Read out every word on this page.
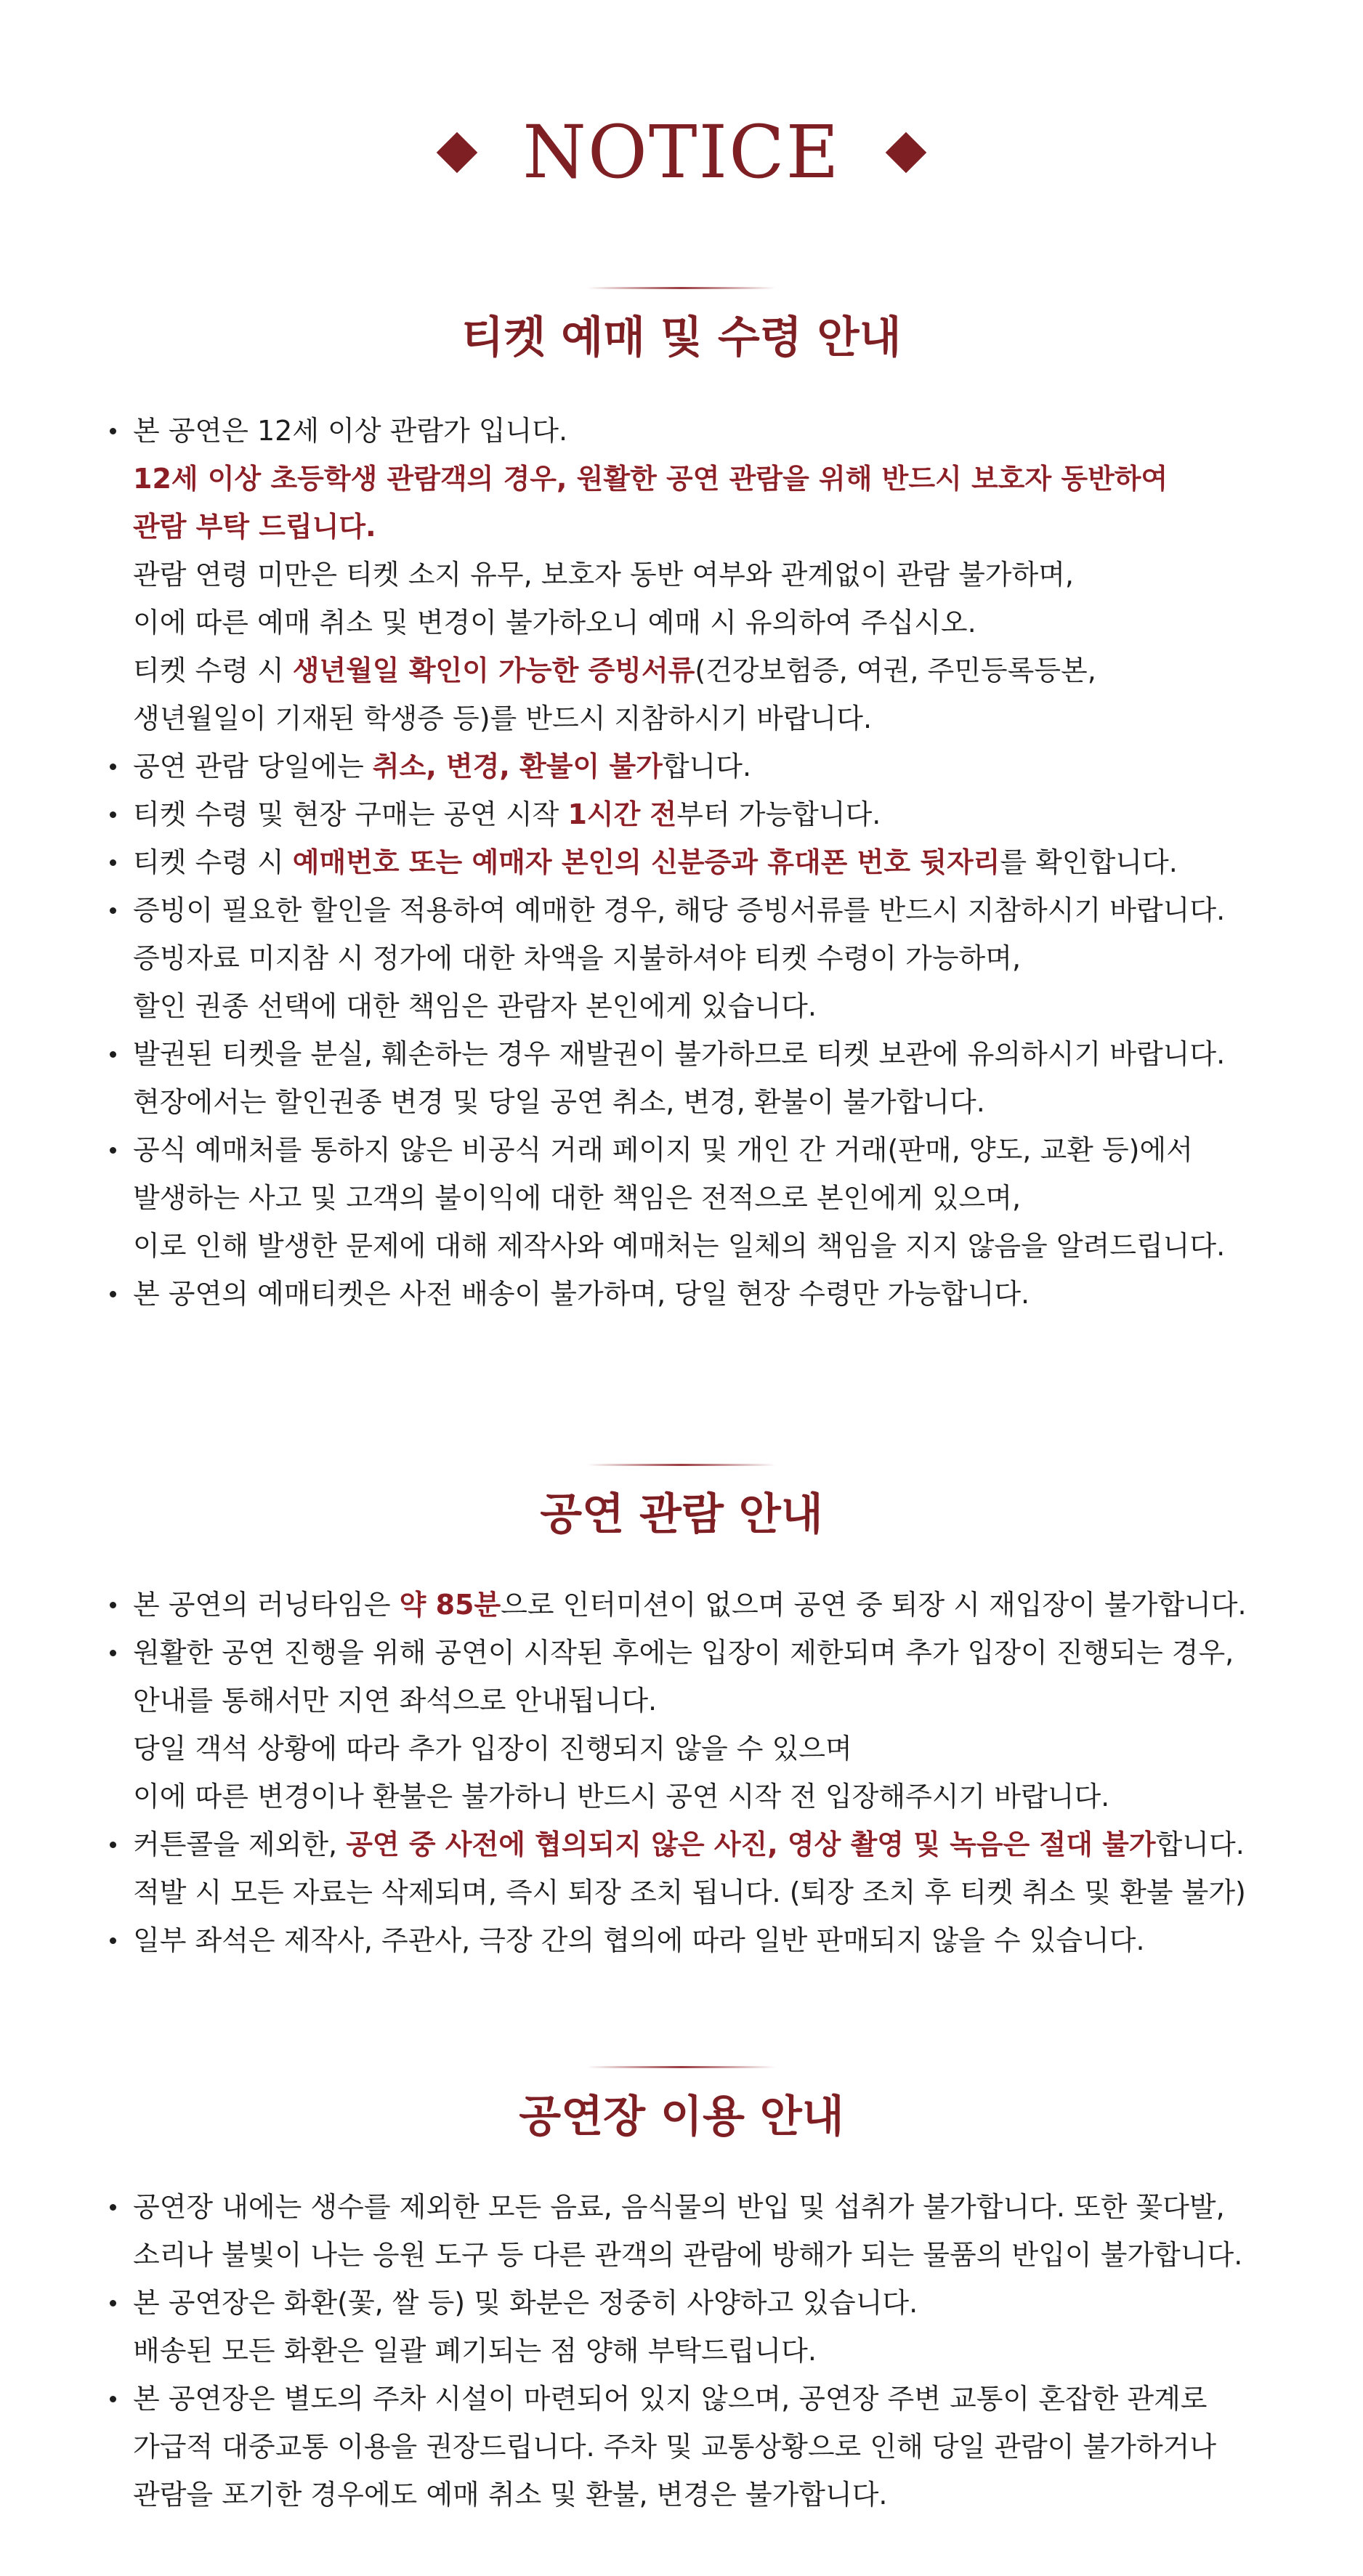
NOTICE
티켓 예매 및 수령 안내
본 공연은 12세 이상 관람가 입니다.
12세 이상 초등학생 관람객의 경우, 원활한 공연 관람을 위해 반드시 보호자 동반하여
관람 부탁 드립니다.
관람 연령 미만은 티켓 소지 유무, 보호자 동반 여부와 관계없이 관람 불가하며,
이에 따른 예매 취소 및 변경이 불가하오니 예매 시 유의하여 주십시오.
티켓 수령 시 생년월일 확인이 가능한 증빙서류(건강보험증, 여권, 주민등록등본,
생년월일이 기재된 학생증 등)를 반드시 지참하시기 바랍니다.
공연 관람 당일에는 취소, 변경, 환불이 불가합니다.
티켓 수령 및 현장 구매는 공연 시작 1시간 전부터 가능합니다.
티켓 수령 시 예매번호 또는 예매자 본인의 신분증과 휴대폰 번호 뒷자리를 확인합니다.
증빙이 필요한 할인을 적용하여 예매한 경우, 해당 증빙서류를 반드시 지참하시기 바랍니다.
증빙자료 미지참 시 정가에 대한 차액을 지불하셔야 티켓 수령이 가능하며,
할인 권종 선택에 대한 책임은 관람자 본인에게 있습니다.
발권된 티켓을 분실, 훼손하는 경우 재발권이 불가하므로 티켓 보관에 유의하시기 바랍니다.
현장에서는 할인권종 변경 및 당일 공연 취소, 변경, 환불이 불가합니다.
공식 예매처를 통하지 않은 비공식 거래 페이지 및 개인 간 거래(판매, 양도, 교환 등)에서
발생하는 사고 및 고객의 불이익에 대한 책임은 전적으로 본인에게 있으며,
이로 인해 발생한 문제에 대해 제작사와 예매처는 일체의 책임을 지지 않음을 알려드립니다.
본 공연의 예매티켓은 사전 배송이 불가하며, 당일 현장 수령만 가능합니다.
공연 관람 안내
본 공연의 러닝타임은 약 85분으로 인터미션이 없으며 공연 중 퇴장 시 재입장이 불가합니다.
원활한 공연 진행을 위해 공연이 시작된 후에는 입장이 제한되며 추가 입장이 진행되는 경우,
안내를 통해서만 지연 좌석으로 안내됩니다.
당일 객석 상황에 따라 추가 입장이 진행되지 않을 수 있으며
이에 따른 변경이나 환불은 불가하니 반드시 공연 시작 전 입장해주시기 바랍니다.
커튼콜을 제외한, 공연 중 사전에 협의되지 않은 사진, 영상 촬영 및 녹음은 절대 불가합니다.
적발 시 모든 자료는 삭제되며, 즉시 퇴장 조치 됩니다. (퇴장 조치 후 티켓 취소 및 환불 불가)
일부 좌석은 제작사, 주관사, 극장 간의 협의에 따라 일반 판매되지 않을 수 있습니다.
공연장 이용 안내
공연장 내에는 생수를 제외한 모든 음료, 음식물의 반입 및 섭취가 불가합니다. 또한 꽃다발,
소리나 불빛이 나는 응원 도구 등 다른 관객의 관람에 방해가 되는 물품의 반입이 불가합니다.
본 공연장은 화환(꽃, 쌀 등) 및 화분은 정중히 사양하고 있습니다.
배송된 모든 화환은 일괄 폐기되는 점 양해 부탁드립니다.
본 공연장은 별도의 주차 시설이 마련되어 있지 않으며, 공연장 주변 교통이 혼잡한 관계로
가급적 대중교통 이용을 권장드립니다. 주차 및 교통상황으로 인해 당일 관람이 불가하거나
관람을 포기한 경우에도 예매 취소 및 환불, 변경은 불가합니다.
